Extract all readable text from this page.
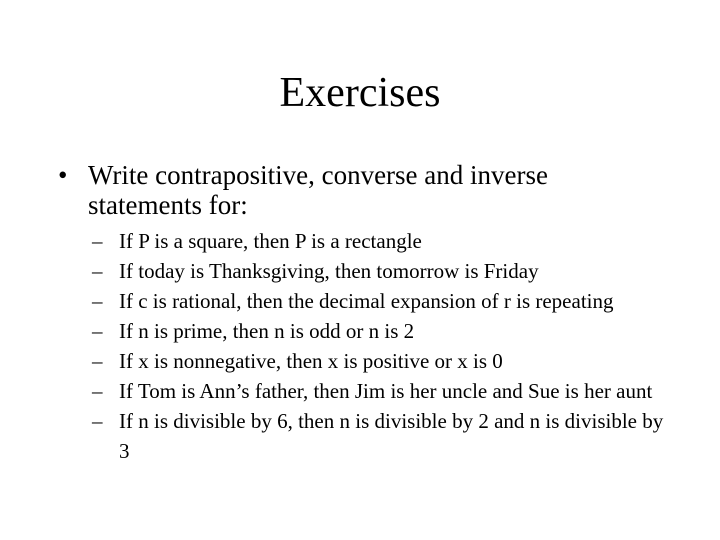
Exercises
• Write contrapositive, converse and inverse statements for:
– If P is a square, then P is a rectangle
– If today is Thanksgiving, then tomorrow is Friday
– If c is rational, then the decimal expansion of r is repeating
– If n is prime, then n is odd or n is 2
– If x is nonnegative, then x is positive or x is 0
– If Tom is Ann’s father, then Jim is her uncle and Sue is her aunt
– If n is divisible by 6, then n is divisible by 2 and n is divisible by 3
